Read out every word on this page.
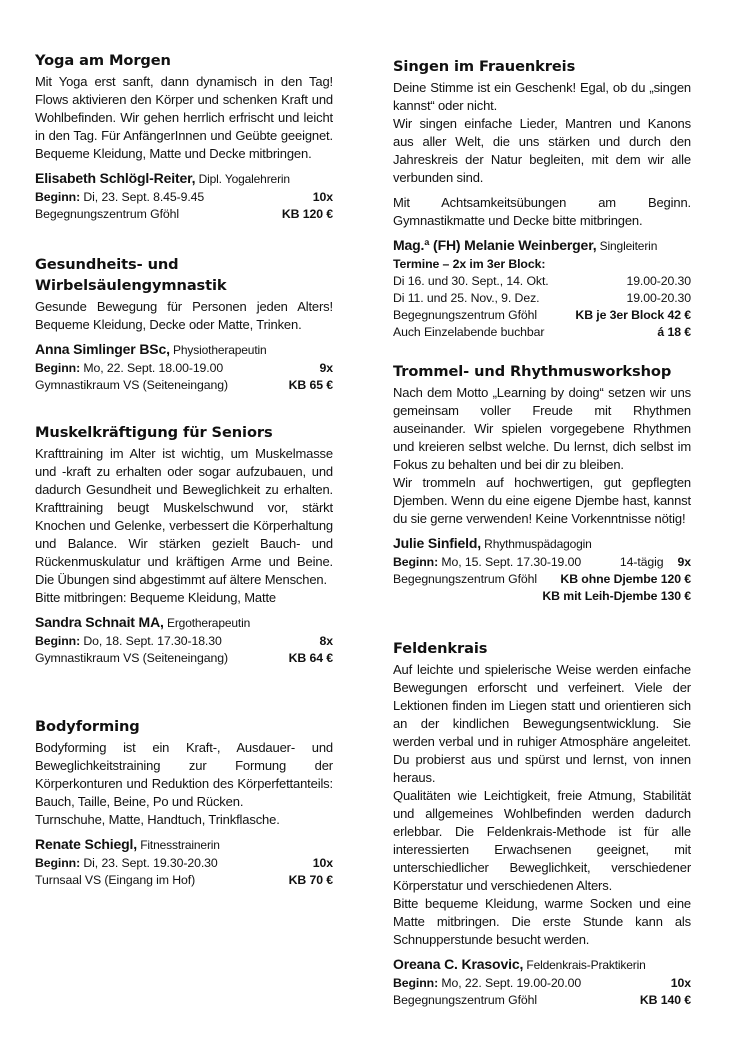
Yoga am Morgen

Mit Yoga erst sanft, dann dynamisch in den Tag! Flows aktivieren den Körper und schenken Kraft und Wohlbefinden. Wir gehen herrlich erfrischt und leicht in den Tag. Für AnfängerInnen und Geübte geeignet. Bequeme Kleidung, Matte und Decke mitbringen.

Elisabeth Schlögl-Reiter, Dipl. Yogalehrerin
Beginn: Di, 23. Sept. 8.45-9.45	10x
Begegnungszentrum Gföhl	KB 120 €
Gesundheits- und
Wirbelsäulengymnastik

Gesunde Bewegung für Personen jeden Alters! Bequeme Kleidung, Decke oder Matte, Trinken.

Anna Simlinger BSc, Physiotherapeutin
Beginn: Mo, 22. Sept. 18.00-19.00	9x
Gymnastikraum VS (Seiteneingang)	KB 65 €
Muskelkräftigung für Seniors

Krafttraining im Alter ist wichtig, um Muskelmasse und -kraft zu erhalten oder sogar aufzubauen, und dadurch Gesundheit und Beweglichkeit zu erhalten. Krafttraining beugt Muskelschwund vor, stärkt Knochen und Gelenke, verbessert die Körperhaltung und Balance. Wir stärken gezielt Bauch- und Rückenmuskulatur und kräftigen Arme und Beine. Die Übungen sind abgestimmt auf ältere Menschen.

Bitte mitbringen: Bequeme Kleidung, Matte

Sandra Schnait MA, Ergotherapeutin
Beginn: Do, 18. Sept. 17.30-18.30	8x
Gymnastikraum VS (Seiteneingang)	KB 64 €
Bodyforming

Bodyforming ist ein Kraft-, Ausdauer- und Beweglichkeitstraining zur Formung der Körperkonturen und Reduktion des Körperfettanteils: Bauch, Taille, Beine, Po und Rücken.

Turnschuhe, Matte, Handtuch, Trinkflasche.

Renate Schiegl, Fitnesstrainerin
Beginn: Di, 23. Sept. 19.30-20.30	10x
Turnsaal VS (Eingang im Hof)	KB 70 €
Singen im Frauenkreis

Deine Stimme ist ein Geschenk! Egal, ob du „singen kannst“ oder nicht.

Wir singen einfache Lieder, Mantren und Kanons aus aller Welt, die uns stärken und durch den Jahreskreis der Natur begleiten, mit dem wir alle verbunden sind.

Mit Achtsamkeitsübungen am Beginn. Gymnastikmatte und Decke bitte mitbringen.

Mag.ª (FH) Melanie Weinberger, Singleiterin
Termine – 2x im 3er Block:
Di 16. und 30. Sept., 14. Okt.	19.00-20.30
Di 11. und 25. Nov., 9. Dez.	19.00-20.30
Begegnungszentrum Gföhl	KB je 3er Block 42 €
Auch Einzelabende buchbar	á 18 €
Trommel- und Rhythmusworkshop

Nach dem Motto „Learning by doing“ setzen wir uns gemeinsam voller Freude mit Rhythmen auseinander. Wir spielen vorgegebene Rhythmen und kreieren selbst welche. Du lernst, dich selbst im Fokus zu behalten und bei dir zu bleiben.

Wir trommeln auf hochwertigen, gut gepflegten Djemben. Wenn du eine eigene Djembe hast, kannst du sie gerne verwenden! Keine Vorkenntnisse nötig!

Julie Sinfield, Rhythmuspädagogin
Beginn: Mo, 15. Sept. 17.30-19.00	14-tägig 9x
Begegnungszentrum Gföhl	KB ohne Djembe 120 €
KB mit Leih-Djembe 130 €
Feldenkrais

Auf leichte und spielerische Weise werden einfache Bewegungen erforscht und verfeinert. Viele der Lektionen finden im Liegen statt und orientieren sich an der kindlichen Bewegungsentwicklung. Sie werden verbal und in ruhiger Atmosphäre angeleitet. Du probierst aus und spürst und lernst, von innen heraus.

Qualitäten wie Leichtigkeit, freie Atmung, Stabilität und allgemeines Wohlbefinden werden dadurch erlebbar. Die Feldenkrais-Methode ist für alle interessierten Erwachsenen geeignet, mit unterschiedlicher Beweglichkeit, verschiedener Körperstatur und verschiedenen Alters.

Bitte bequeme Kleidung, warme Socken und eine Matte mitbringen. Die erste Stunde kann als Schnupperstunde besucht werden.

Oreana C. Krasovic, Feldenkrais-Praktikerin
Beginn: Mo, 22. Sept. 19.00-20.00	10x
Begegnungszentrum Gföhl	KB 140 €
